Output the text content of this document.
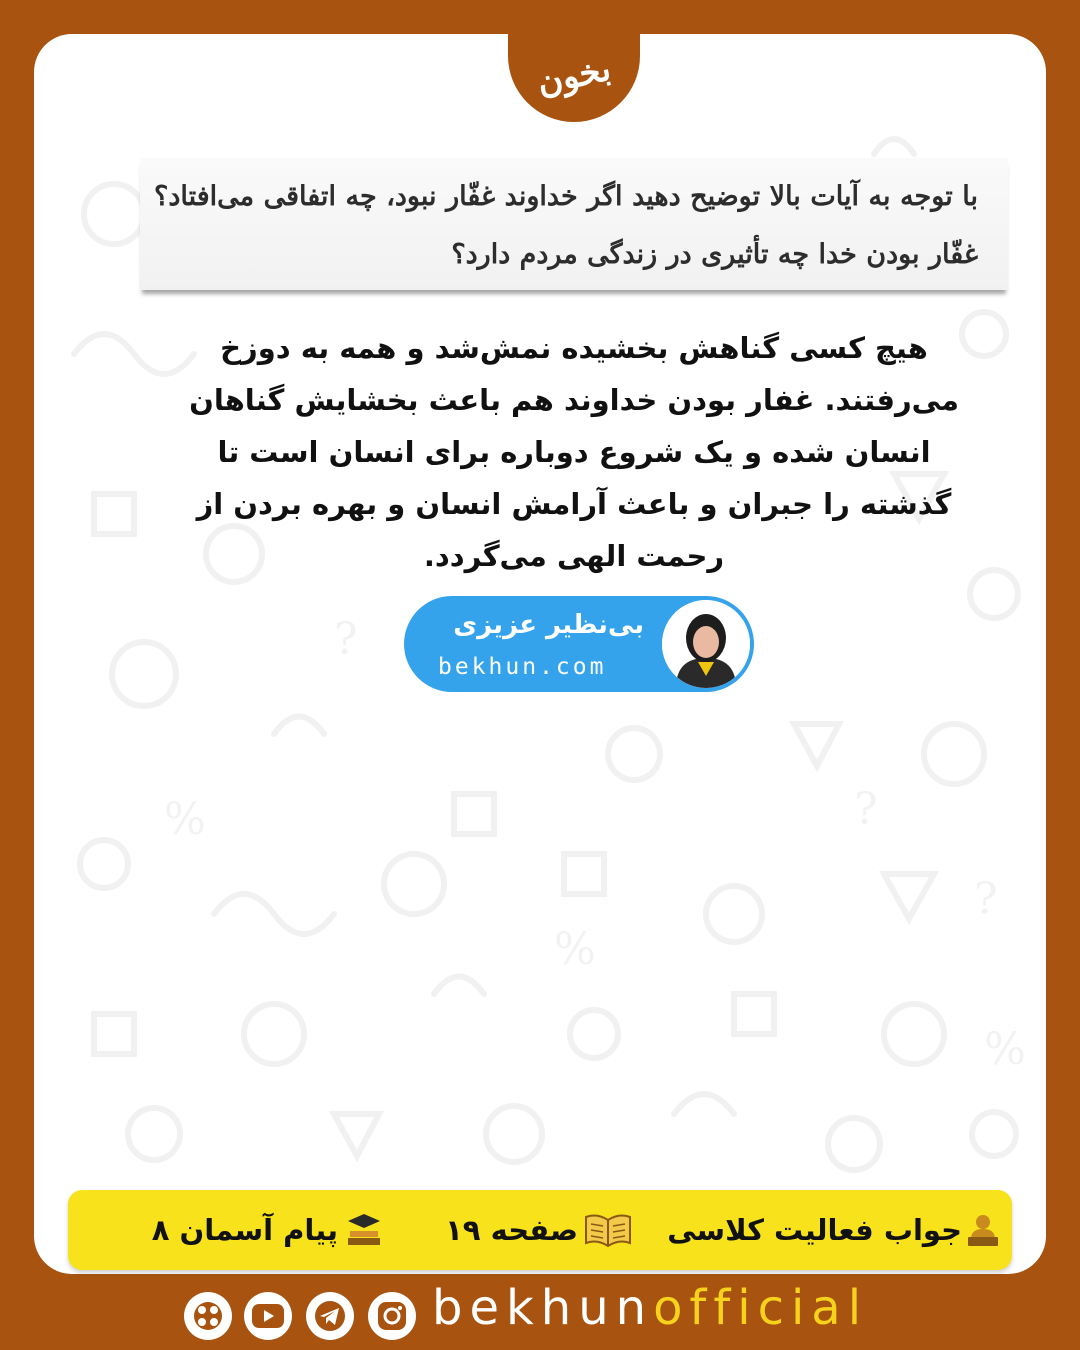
%
?
?
%
?
%
بخون
با توجه به آیات بالا توضیح دهید اگر خداوند غفّار نبود، چه اتفاقی می‌افتاد؟ غفّار بودن خدا چه تأثیری در زندگی مردم دارد؟
هیچ کسی گناهش بخشیده نمش‌شد و همه به دوزخ می‌رفتند. غفار بودن خداوند هم باعث بخشایش گناهان انسان شده و یک شروع دوباره برای انسان است تا گذشته را جبران و باعث آرامش انسان و بهره بردن از رحمت الهی می‌گردد.
بی‌نظیر عزیزی
bekhun.com
جواب فعالیت کلاسی
صفحه ۱۹
پیام آسمان ۸
bekhunofficial
